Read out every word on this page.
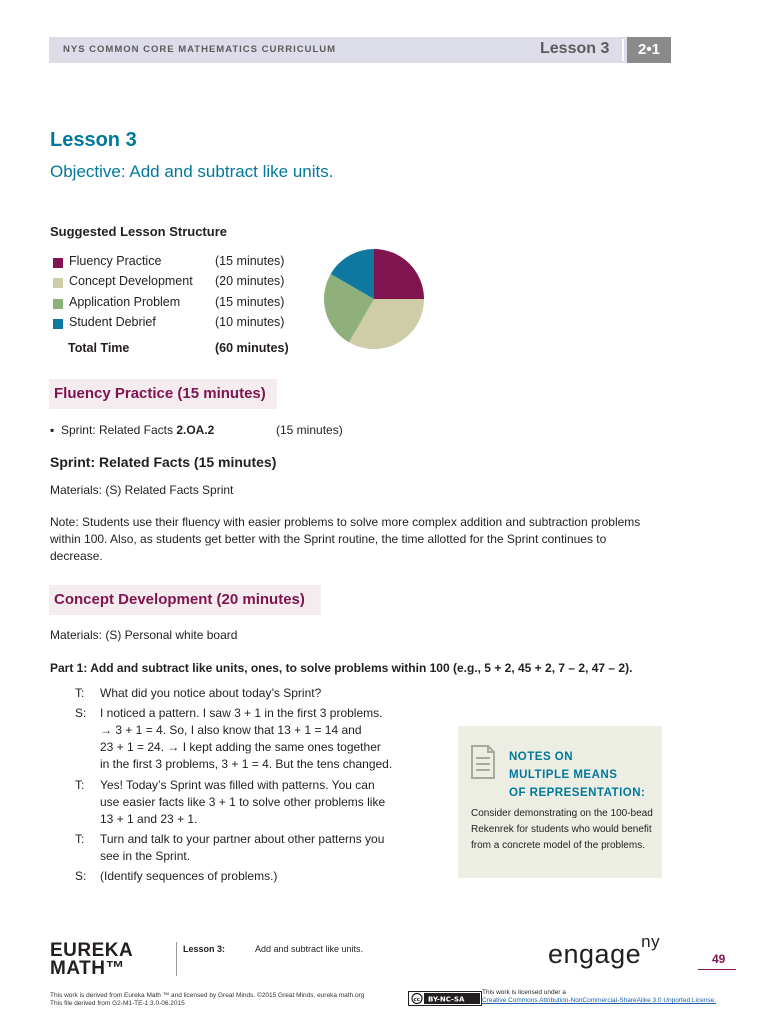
NYS COMMON CORE MATHEMATICS CURRICULUM	Lesson 3	2•1
Lesson 3
Objective: Add and subtract like units.
Suggested Lesson Structure
Fluency Practice	(15 minutes)
Concept Development (20 minutes)
Application Problem	(15 minutes)
Student Debrief	(10 minutes)
Total Time	(60 minutes)
Fluency Practice (15 minutes)
▪ Sprint: Related Facts 2.OA.2	(15 minutes)
Sprint: Related Facts (15 minutes)
Materials: (S) Related Facts Sprint
Note: Students use their fluency with easier problems to solve more complex addition and subtraction problems within 100. Also, as students get better with the Sprint routine, the time allotted for the Sprint continues to decrease.
Concept Development (20 minutes)
Materials: (S) Personal white board
Part 1: Add and subtract like units, ones, to solve problems within 100 (e.g., 5 + 2, 45 + 2, 7 – 2, 47 – 2).
T: What did you notice about today’s Sprint?
S: I noticed a pattern. I saw 3 + 1 in the first 3 problems.
→ 3 + 1 = 4. So, I also know that 13 + 1 = 14 and
23 + 1 = 24. → I kept adding the same ones together
in the first 3 problems, 3 + 1 = 4. But the tens changed.
T: Yes! Today’s Sprint was filled with patterns. You can
use easier facts like 3 + 1 to solve other problems like
13 + 1 and 23 + 1.
T: Turn and talk to your partner about other patterns you
see in the Sprint.
S: (Identify sequences of problems.)
NOTES ON
MULTIPLE MEANS
OF REPRESENTATION:
Consider demonstrating on the 100-bead Rekenrek for students who would benefit from a concrete model of the problems.
EUREKA
MATH™
Lesson 3:	Add and subtract like units.	engage$^{ny}$
49
This work is derived from Eureka Math ™ and licensed by Great Minds. ©2015 Great Minds. eureka math.org
This file derived from G2-M1-TE-1.3.0-06.2015	cc BY-NC-SA
This work is licensed under a
Creative Commons Attribution-NonCommercial-ShareAlike 3.0 Unported License.
